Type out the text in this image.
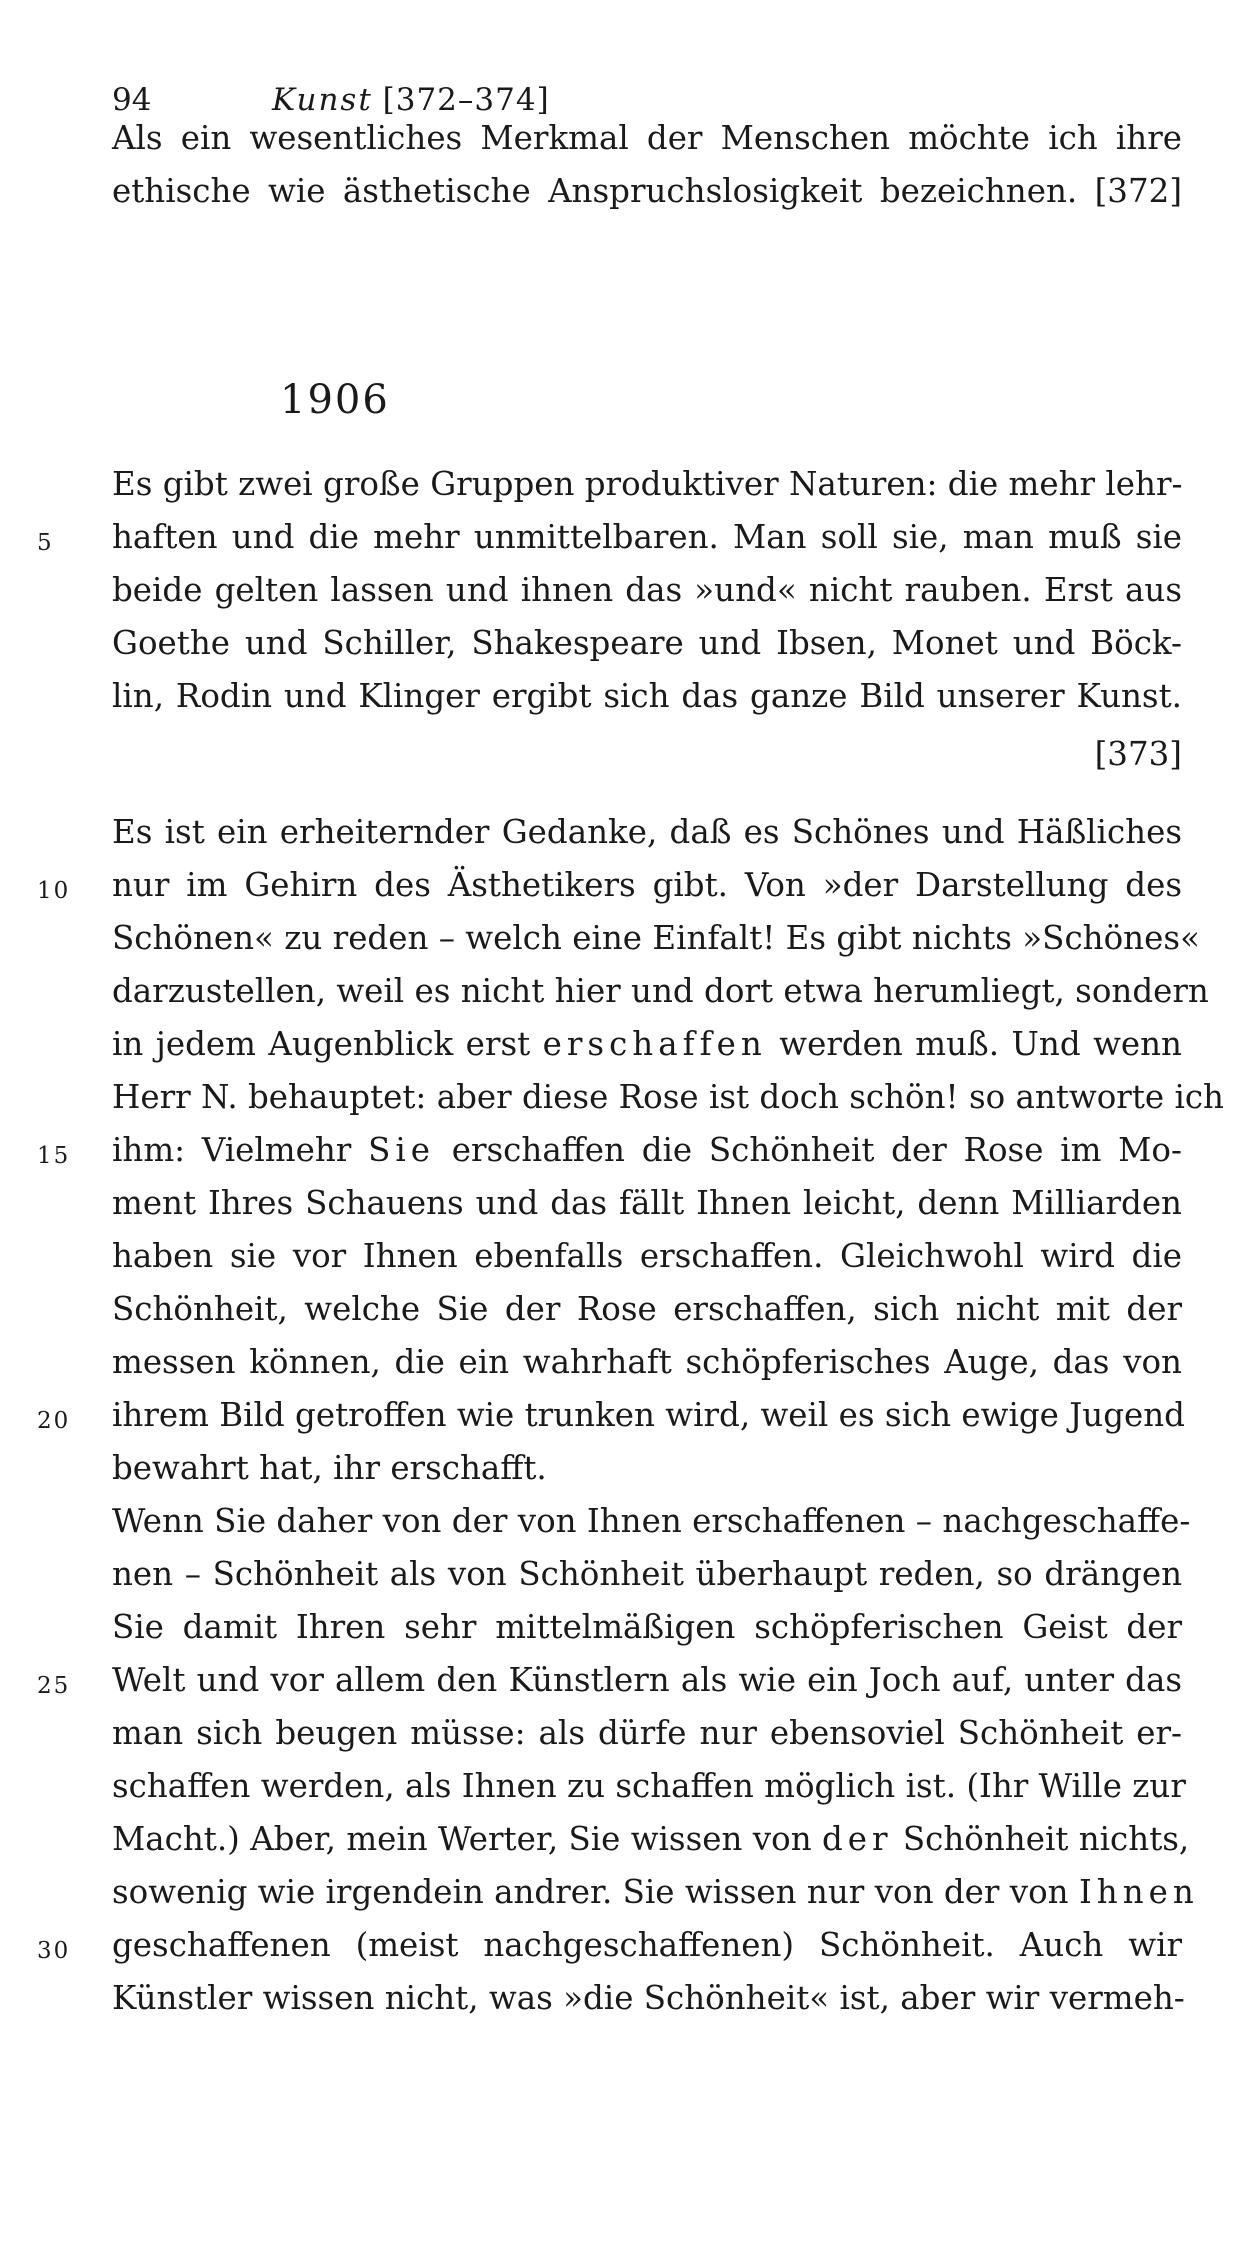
94	Kunst [372–374]
Als ein wesentliches Merkmal der Menschen möchte ich ihre
ethische wie ästhetische Anspruchslosigkeit bezeichnen. [372]
1906
Es gibt zwei große Gruppen produktiver Naturen: die mehr lehr-
5 haften und die mehr unmittelbaren. Man soll sie, man muß sie
beide gelten lassen und ihnen das »und« nicht rauben. Erst aus
Goethe und Schiller, Shakespeare und Ibsen, Monet und Böck-
lin, Rodin und Klinger ergibt sich das ganze Bild unserer Kunst.
[373]
Es ist ein erheiternder Gedanke, daß es Schönes und Häßliches
10 nur im Gehirn des Ästhetikers gibt. Von »der Darstellung des
Schönen« zu reden – welch eine Einfalt! Es gibt nichts »Schönes«
darzustellen, weil es nicht hier und dort etwa herumliegt, sondern
in jedem Augenblick erst erschaffen werden muß. Und wenn
Herr N. behauptet: aber diese Rose ist doch schön! so antworte ich
15 ihm: Vielmehr Sie erschaffen die Schönheit der Rose im Mo-
ment Ihres Schauens und das fällt Ihnen leicht, denn Milliarden
haben sie vor Ihnen ebenfalls erschaffen. Gleichwohl wird die
Schönheit, welche Sie der Rose erschaffen, sich nicht mit der
messen können, die ein wahrhaft schöpferisches Auge, das von
20 ihrem Bild getroffen wie trunken wird, weil es sich ewige Jugend
bewahrt hat, ihr erschafft.
Wenn Sie daher von der von Ihnen erschaffenen – nachgeschaffe-
nen – Schönheit als von Schönheit überhaupt reden, so drängen
Sie damit Ihren sehr mittelmäßigen schöpferischen Geist der
25 Welt und vor allem den Künstlern als wie ein Joch auf, unter das
man sich beugen müsse: als dürfe nur ebensoviel Schönheit er-
schaffen werden, als Ihnen zu schaffen möglich ist. (Ihr Wille zur
Macht.) Aber, mein Werter, Sie wissen von der Schönheit nichts,
sowenig wie irgendein andrer. Sie wissen nur von der von Ihnen
30 geschaffenen (meist nachgeschaffenen) Schönheit. Auch wir
Künstler wissen nicht, was »die Schönheit« ist, aber wir vermeh-
